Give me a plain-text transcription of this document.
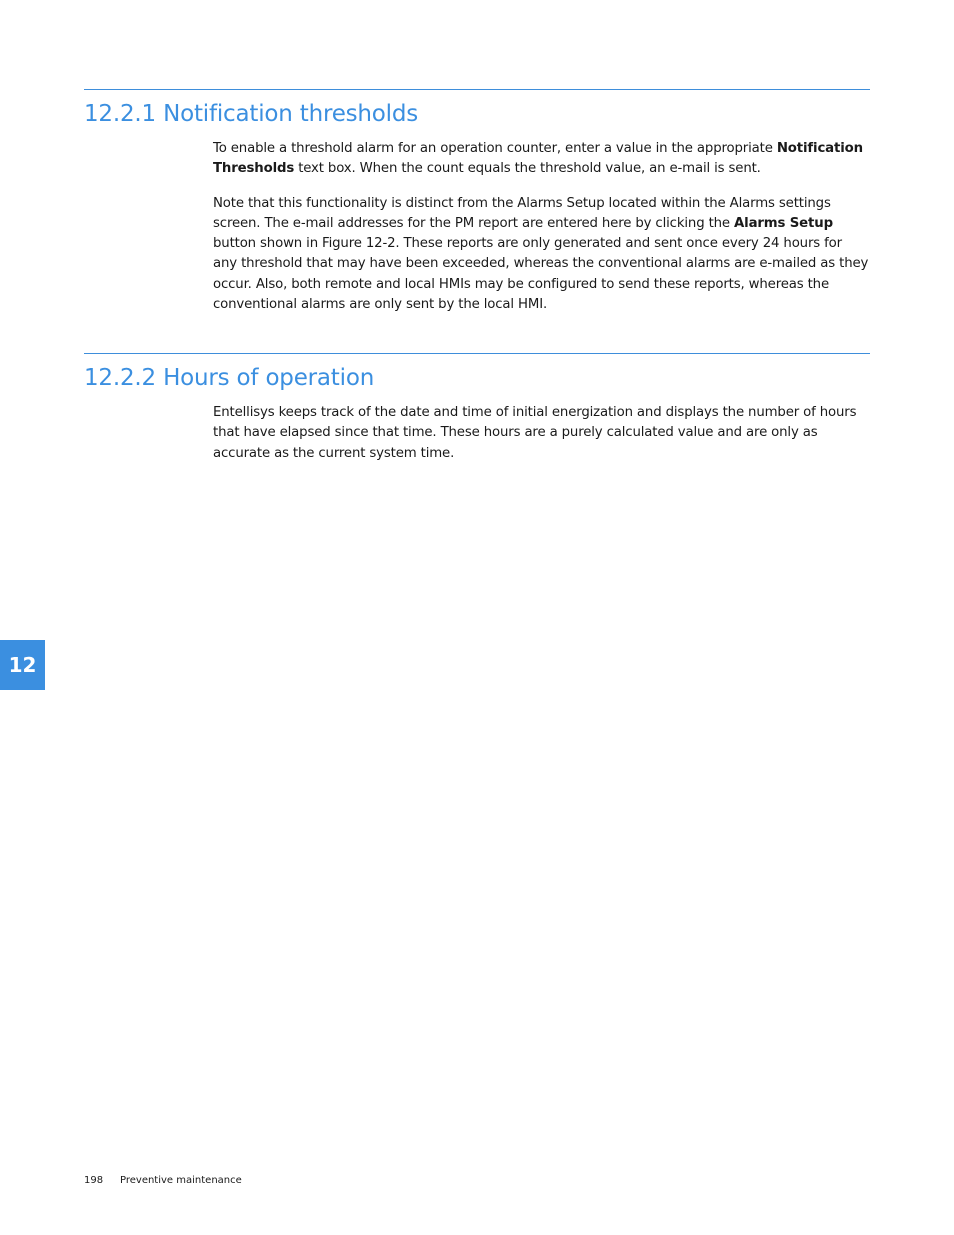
12.2.1 Notification thresholds

To enable a threshold alarm for an operation counter, enter a value in the appropriate Notification Thresholds text box. When the count equals the threshold value, an e-mail is sent.

Note that this functionality is distinct from the Alarms Setup located within the Alarms settings screen. The e-mail addresses for the PM report are entered here by clicking the Alarms Setup button shown in Figure 12-2. These reports are only generated and sent once every 24 hours for any threshold that may have been exceeded, whereas the conventional alarms are e-mailed as they occur. Also, both remote and local HMIs may be configured to send these reports, whereas the conventional alarms are only sent by the local HMI.

12.2.2 Hours of operation

Entellisys keeps track of the date and time of initial energization and displays the number of hours that have elapsed since that time. These hours are a purely calculated value and are only as accurate as the current system time.

12
198 Preventive maintenance
